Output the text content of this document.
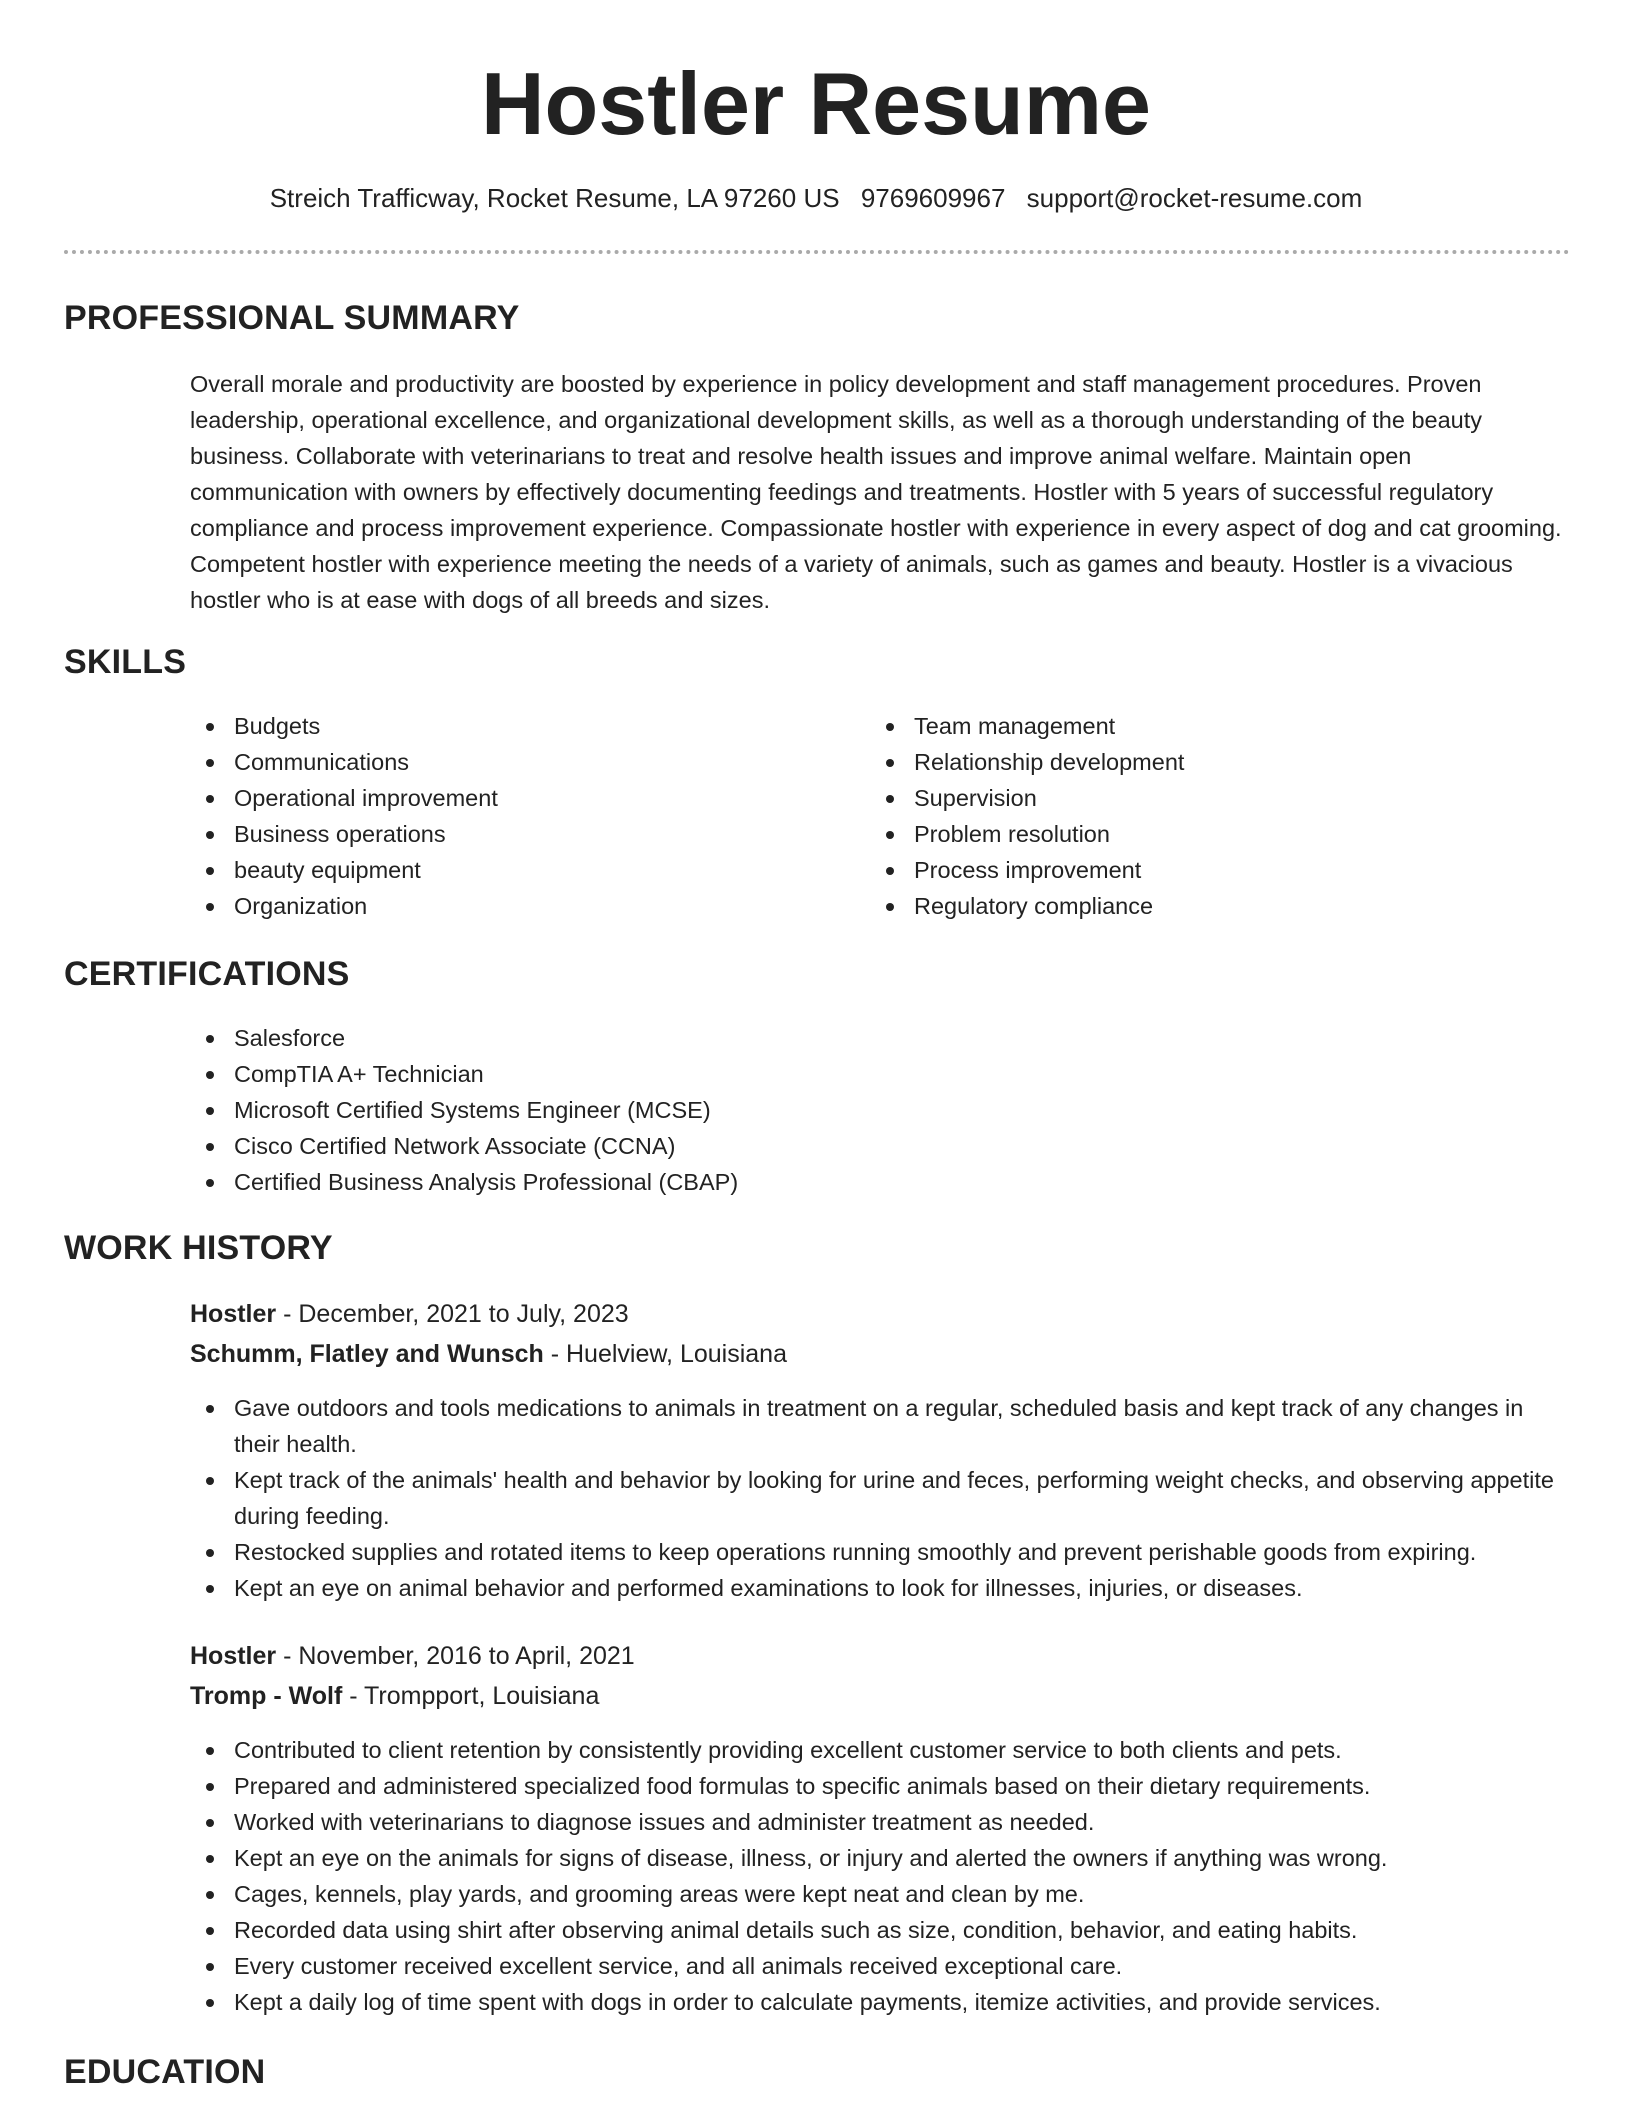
Hostler Resume
Streich Trafficway, Rocket Resume, LA 97260 US 9769609967 support@rocket-resume.com
PROFESSIONAL SUMMARY

Overall morale and productivity are boosted by experience in policy development and staff management procedures. Proven leadership, operational excellence, and organizational development skills, as well as a thorough understanding of the beauty business. Collaborate with veterinarians to treat and resolve health issues and improve animal welfare. Maintain open communication with owners by effectively documenting feedings and treatments. Hostler with 5 years of successful regulatory compliance and process improvement experience. Compassionate hostler with experience in every aspect of dog and cat grooming. Competent hostler with experience meeting the needs of a variety of animals, such as games and beauty. Hostler is a vivacious hostler who is at ease with dogs of all breeds and sizes.

SKILLS
Budgets
Communications
Operational improvement
Business operations
beauty equipment
Organization
Team management
Relationship development
Supervision
Problem resolution
Process improvement
Regulatory compliance
CERTIFICATIONS
Salesforce
CompTIA A+ Technician
Microsoft Certified Systems Engineer (MCSE)
Cisco Certified Network Associate (CCNA)
Certified Business Analysis Professional (CBAP)
WORK HISTORY
Hostler - December, 2021 to July, 2023
Schumm, Flatley and Wunsch - Huelview, Louisiana
Gave outdoors and tools medications to animals in treatment on a regular, scheduled basis and kept track of any changes in their health.
Kept track of the animals' health and behavior by looking for urine and feces, performing weight checks, and observing appetite during feeding.
Restocked supplies and rotated items to keep operations running smoothly and prevent perishable goods from expiring.
Kept an eye on animal behavior and performed examinations to look for illnesses, injuries, or diseases.
Hostler - November, 2016 to April, 2021
Tromp - Wolf - Trompport, Louisiana
Contributed to client retention by consistently providing excellent customer service to both clients and pets.
Prepared and administered specialized food formulas to specific animals based on their dietary requirements.
Worked with veterinarians to diagnose issues and administer treatment as needed.
Kept an eye on the animals for signs of disease, illness, or injury and alerted the owners if anything was wrong.
Cages, kennels, play yards, and grooming areas were kept neat and clean by me.
Recorded data using shirt after observing animal details such as size, condition, behavior, and eating habits.
Every customer received excellent service, and all animals received exceptional care.
Kept a daily log of time spent with dogs in order to calculate payments, itemize activities, and provide services.
EDUCATION
